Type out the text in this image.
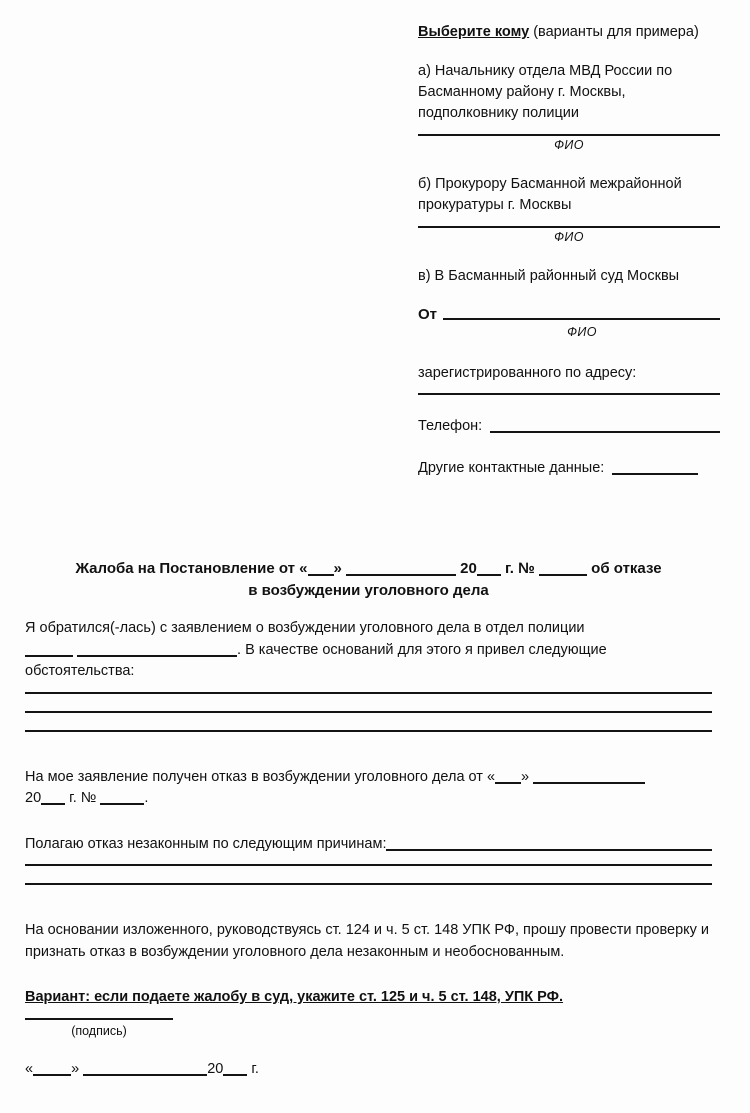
Выберите кому (варианты для примера)

а) Начальнику отдела МВД России по Басманному району г. Москвы, подполковнику полиции

ФИО

б) Прокурору Басманной межрайонной прокуратуры г. Москвы

ФИО

в) В Басманный районный суд Москвы

От
ФИО

зарегистрированного по адресу:

Телефон:
Другие контактные данные:
Жалоба на Постановление от « »	20 г. №	об отказе
в возбуждении уголовного дела

Я обратился(-лась) с заявлением о возбуждении уголовного дела в отдел полиции
. В качестве оснований для этого я привел следующие обстоятельства:

На мое заявление получен отказ в возбуждении уголовного дела от « »
20 г. №	.

Полагаю отказ незаконным по следующим причинам:

На основании изложенного, руководствуясь ст. 124 и ч. 5 ст. 148 УПК РФ, прошу провести проверку и признать отказ в возбуждении уголовного дела незаконным и необоснованным.

Вариант: если подаете жалобу в суд, укажите ст. 125 и ч. 5 ст. 148, УПК РФ.

(подпись)
«	»	20 г.
